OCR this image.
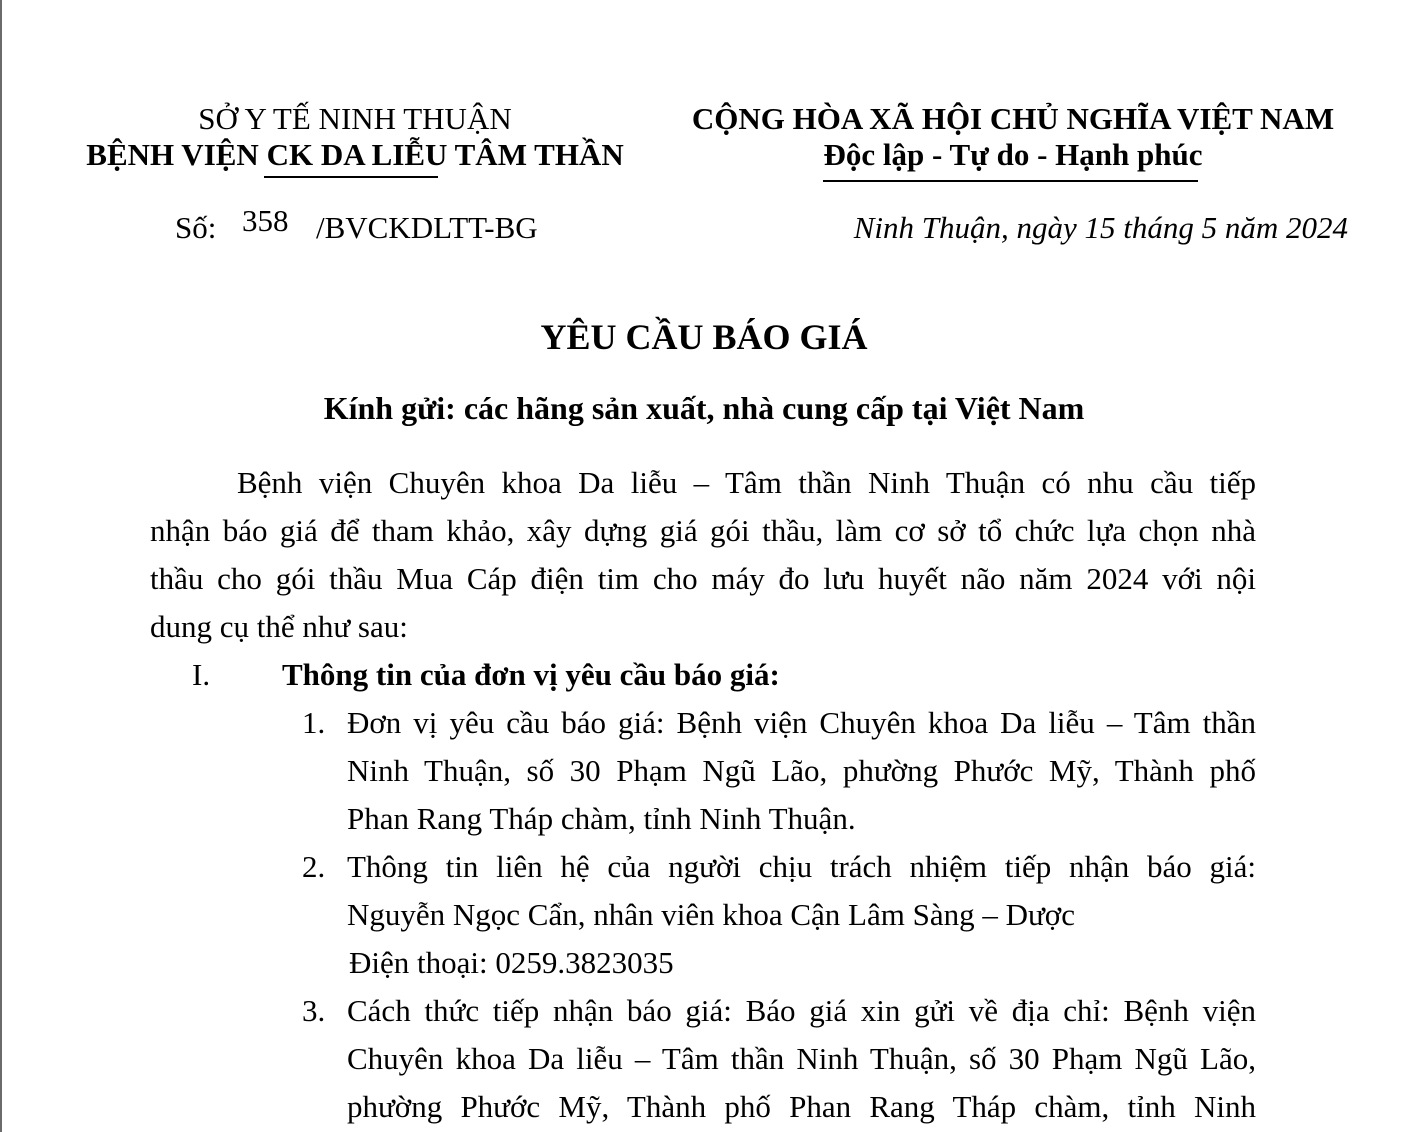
SỞ Y TẾ NINH THUẬN
BỆNH VIỆN CK DA LIỄU TÂM THẦN
CỘNG HÒA XÃ HỘI CHỦ NGHĨA VIỆT NAM
Độc lập - Tự do - Hạnh phúc
Số: 358 /BVCKDLTT-BG	Ninh Thuận, ngày 15 tháng 5 năm 2024
YÊU CẦU BÁO GIÁ
Kính gửi: các hãng sản xuất, nhà cung cấp tại Việt Nam
Bệnh viện Chuyên khoa Da liễu – Tâm thần Ninh Thuận có nhu cầu tiếp
nhận báo giá để tham khảo, xây dựng giá gói thầu, làm cơ sở tổ chức lựa chọn nhà
thầu cho gói thầu Mua Cáp điện tim cho máy đo lưu huyết não năm 2024 với nội
dung cụ thể như sau:
I. Thông tin của đơn vị yêu cầu báo giá:
1. Đơn vị yêu cầu báo giá: Bệnh viện Chuyên khoa Da liễu – Tâm thần
Ninh Thuận, số 30 Phạm Ngũ Lão, phường Phước Mỹ, Thành phố
Phan Rang Tháp chàm, tỉnh Ninh Thuận.
2. Thông tin liên hệ của người chịu trách nhiệm tiếp nhận báo giá:
Nguyễn Ngọc Cẩn, nhân viên khoa Cận Lâm Sàng – Dược
Điện thoại: 0259.3823035
3. Cách thức tiếp nhận báo giá: Báo giá xin gửi về địa chỉ: Bệnh viện
Chuyên khoa Da liễu – Tâm thần Ninh Thuận, số 30 Phạm Ngũ Lão,
phường Phước Mỹ, Thành phố Phan Rang Tháp chàm, tỉnh Ninh
